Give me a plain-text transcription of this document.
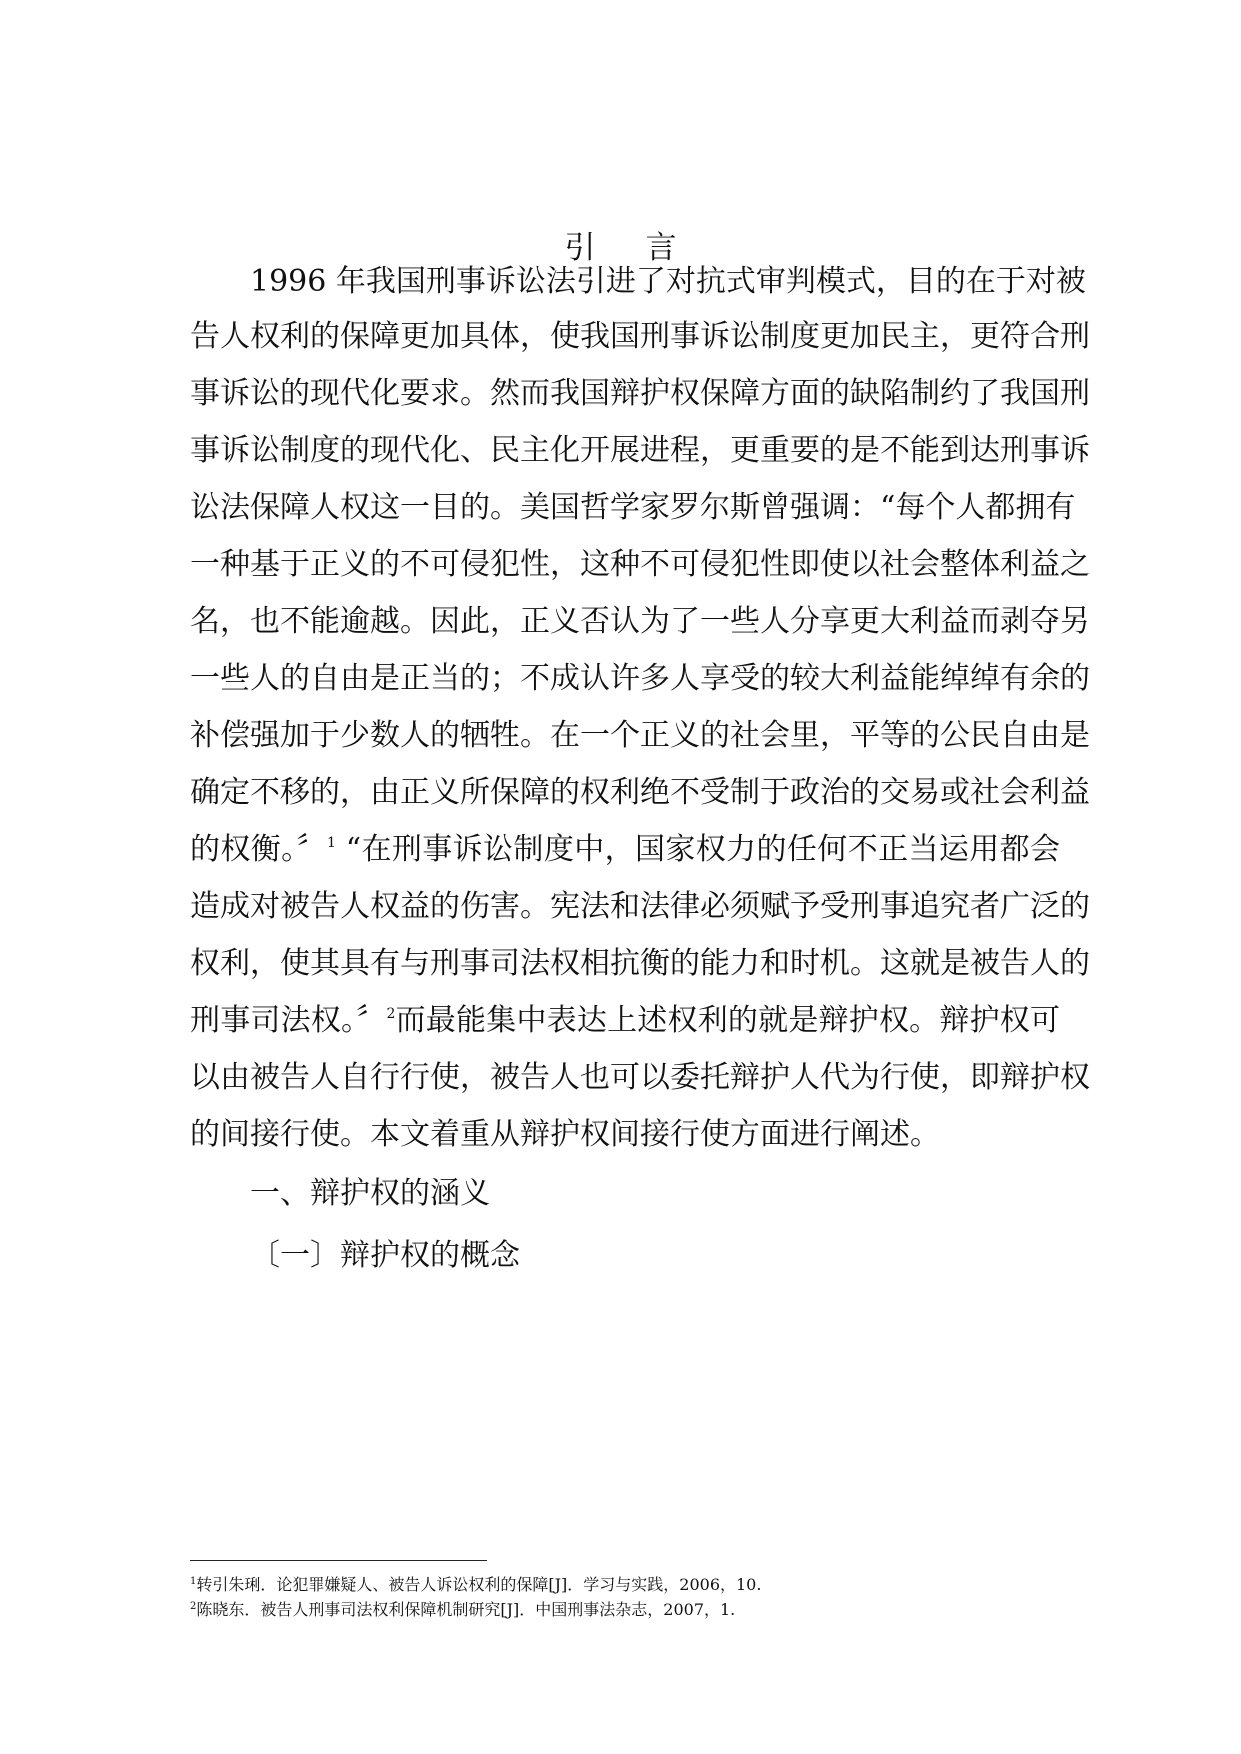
引 言
1996 年我国刑事诉讼法引进了对抗式审判模式，目的在于对被
告人权利的保障更加具体，使我国刑事诉讼制度更加民主，更符合刑
事诉讼的现代化要求。然而我国辩护权保障方面的缺陷制约了我国刑
事诉讼制度的现代化、民主化开展进程，更重要的是不能到达刑事诉
讼法保障人权这一目的。美国哲学家罗尔斯曾强调：“每个人都拥有
一种基于正义的不可侵犯性，这种不可侵犯性即使以社会整体利益之
名，也不能逾越。因此，正义否认为了一些人分享更大利益而剥夺另
一些人的自由是正当的；不成认许多人享受的较大利益能绰绰有余的
补偿强加于少数人的牺牲。在一个正义的社会里，平等的公民自由是
确定不移的，由正义所保障的权利绝不受制于政治的交易或社会利益
的权衡。〞$^1$ “在刑事诉讼制度中，国家权力的任何不正当运用都会
造成对被告人权益的伤害。宪法和法律必须赋予受刑事追究者广泛的
权利，使其具有与刑事司法权相抗衡的能力和时机。这就是被告人的
刑事司法权。〞$^2$而最能集中表达上述权利的就是辩护权。辩护权可
以由被告人自行行使，被告人也可以委托辩护人代为行使，即辩护权
的间接行使。本文着重从辩护权间接行使方面进行阐述。
一、辩护权的涵义
〔一〕辩护权的概念
$^1$转引朱琍．论犯罪嫌疑人、被告人诉讼权利的保障[J]．学习与实践，2006，10.
$^2$陈晓东．被告人刑事司法权利保障机制研究[J]．中国刑事法杂志，2007，1.
